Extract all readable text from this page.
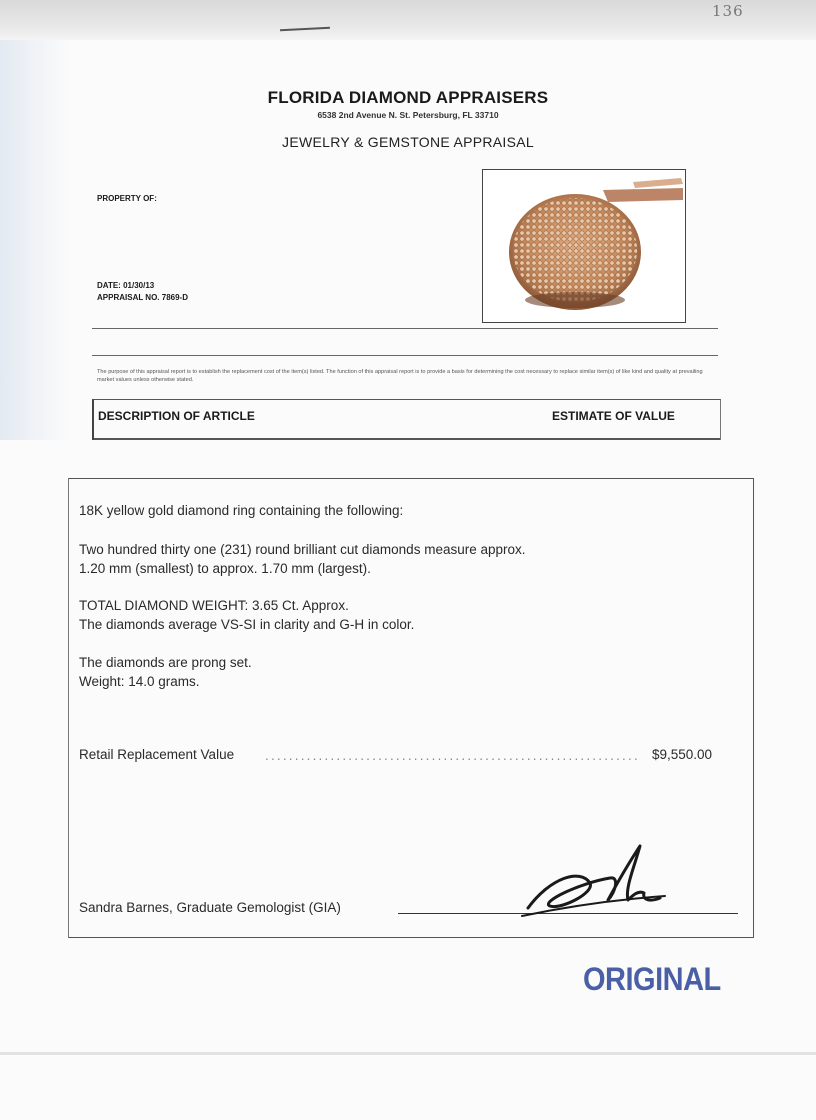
136
FLORIDA DIAMOND APPRAISERS
6538 2nd Avenue N. St. Petersburg, FL 33710
JEWELRY & GEMSTONE APPRAISAL
PROPERTY OF:
DATE: 01/30/13
APPRAISAL NO. 7869-D
The purpose of this appraisal report is to establish the replacement cost of the item(s) listed. The function of this appraisal report is to provide a basis for determining the cost necessary to replace similar item(s) of like kind and quality at prevailing market values unless otherwise stated.
DESCRIPTION OF ARTICLE	ESTIMATE OF VALUE
18K yellow gold diamond ring containing the following:
Two hundred thirty one (231) round brilliant cut diamonds measure approx.
1.20 mm (smallest) to approx. 1.70 mm (largest).
TOTAL DIAMOND WEIGHT: 3.65 Ct. Approx.
The diamonds average VS-SI in clarity and G-H in color.
The diamonds are prong set.
Weight: 14.0 grams.
Retail Replacement Value ............................................................... $9,550.00
Sandra Barnes, Graduate Gemologist (GIA)
ORIGINAL
